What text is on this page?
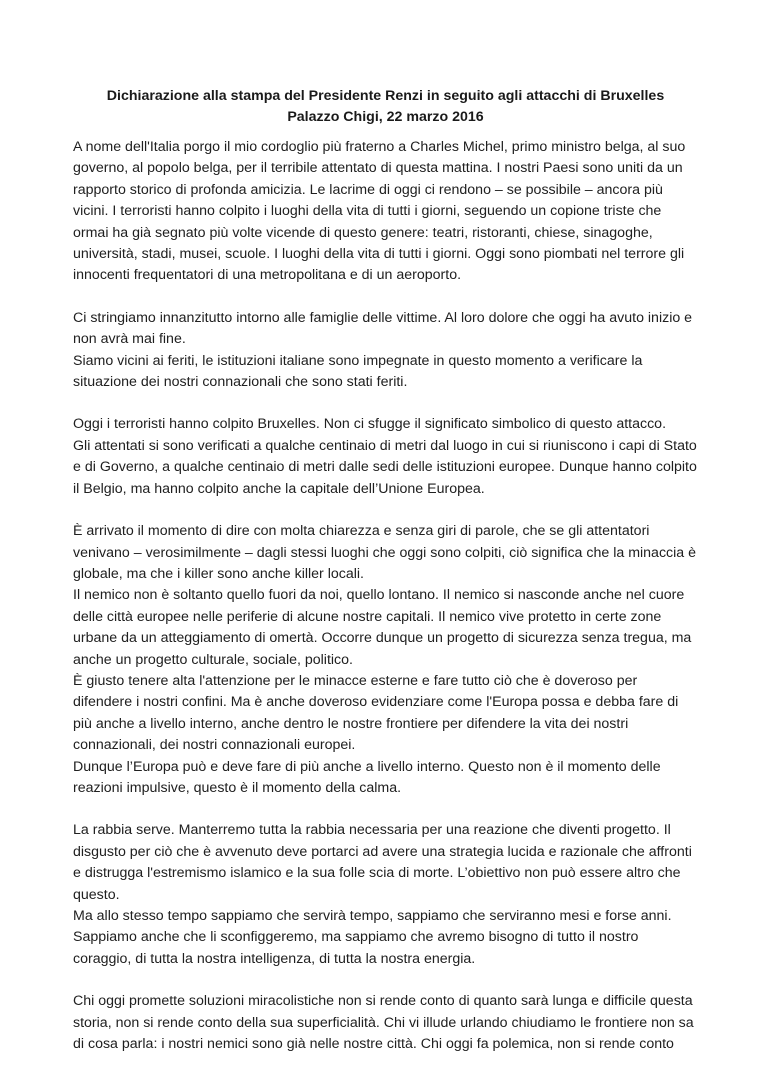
Dichiarazione alla stampa del Presidente Renzi in seguito agli attacchi di Bruxelles
Palazzo Chigi, 22 marzo 2016
A nome dell'Italia porgo il mio cordoglio più fraterno a Charles Michel, primo ministro belga, al suo governo, al popolo belga, per il terribile attentato di questa mattina. I nostri Paesi sono uniti da un rapporto storico di profonda amicizia. Le lacrime di oggi ci rendono – se possibile – ancora più vicini. I terroristi hanno colpito i luoghi della vita di tutti i giorni, seguendo un copione triste che ormai ha già segnato più volte vicende di questo genere: teatri, ristoranti, chiese, sinagoghe, università, stadi, musei, scuole. I luoghi della vita di tutti i giorni. Oggi sono piombati nel terrore gli innocenti frequentatori di una metropolitana e di un aeroporto.
Ci stringiamo innanzitutto intorno alle famiglie delle vittime. Al loro dolore che oggi ha avuto inizio e non avrà mai fine.
Siamo vicini ai feriti, le istituzioni italiane sono impegnate in questo momento a verificare la situazione dei nostri connazionali che sono stati feriti.
Oggi i terroristi hanno colpito Bruxelles. Non ci sfugge il significato simbolico di questo attacco.
Gli attentati si sono verificati a qualche centinaio di metri dal luogo in cui si riuniscono i capi di Stato e di Governo, a qualche centinaio di metri dalle sedi delle istituzioni europee. Dunque hanno colpito il Belgio, ma hanno colpito anche la capitale dell’Unione Europea.
È arrivato il momento di dire con molta chiarezza e senza giri di parole, che se gli attentatori venivano – verosimilmente – dagli stessi luoghi che oggi sono colpiti, ciò significa che la minaccia è globale, ma che i killer sono anche killer locali.
Il nemico non è soltanto quello fuori da noi, quello lontano. Il nemico si nasconde anche nel cuore delle città europee nelle periferie di alcune nostre capitali. Il nemico vive protetto in certe zone urbane da un atteggiamento di omertà. Occorre dunque un progetto di sicurezza senza tregua, ma anche un progetto culturale, sociale, politico.
È giusto tenere alta l'attenzione per le minacce esterne e fare tutto ciò che è doveroso per difendere i nostri confini. Ma è anche doveroso evidenziare come l'Europa possa e debba fare di più anche a livello interno, anche dentro le nostre frontiere per difendere la vita dei nostri connazionali, dei nostri connazionali europei.
Dunque l’Europa può e deve fare di più anche a livello interno. Questo non è il momento delle reazioni impulsive, questo è il momento della calma.
La rabbia serve. Manterremo tutta la rabbia necessaria per una reazione che diventi progetto. Il disgusto per ciò che è avvenuto deve portarci ad avere una strategia lucida e razionale che affronti e distrugga l'estremismo islamico e la sua folle scia di morte. L’obiettivo non può essere altro che questo.
Ma allo stesso tempo sappiamo che servirà tempo, sappiamo che serviranno mesi e forse anni. Sappiamo anche che li sconfiggeremo, ma sappiamo che avremo bisogno di tutto il nostro coraggio, di tutta la nostra intelligenza, di tutta la nostra energia.
Chi oggi promette soluzioni miracolistiche non si rende conto di quanto sarà lunga e difficile questa storia, non si rende conto della sua superficialità. Chi vi illude urlando chiudiamo le frontiere non sa di cosa parla: i nostri nemici sono già nelle nostre città. Chi oggi fa polemica, non si rende conto
